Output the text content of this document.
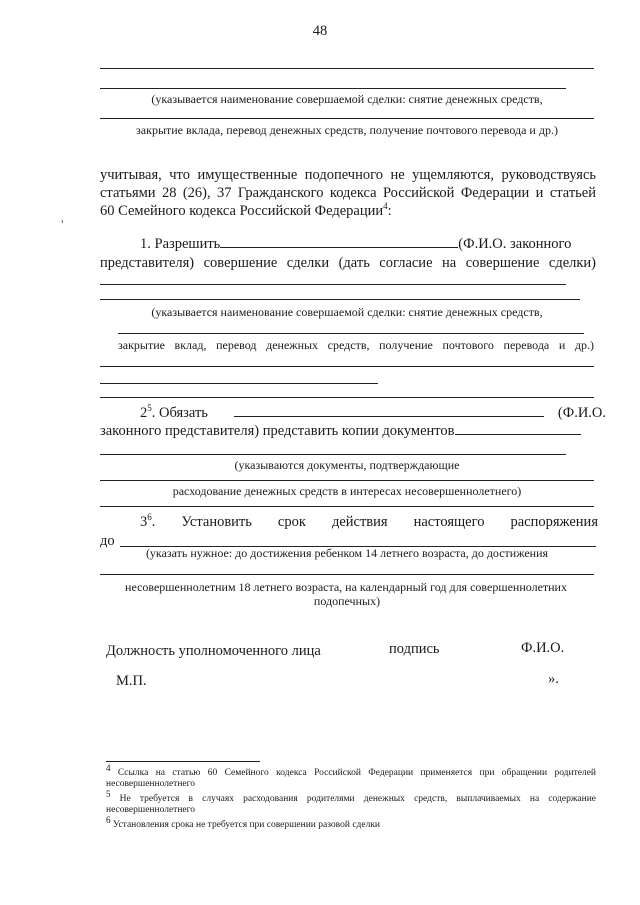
48
ʾ
(указывается наименование совершаемой сделки: снятие денежных средств,
закрытие вклада, перевод денежных средств, получение почтового перевода и др.)
учитывая, что имущественные подопечного не ущемляются, руководствуясь
статьями 28 (26), 37 Гражданского кодекса Российской Федерации и статьей
60 Семейного кодекса Российской Федерации$^4$:
1. Разрешить	(Ф.И.О. законного
представителя) совершение сделки (дать согласие на совершение сделки)
(указывается наименование совершаемой сделки: снятие денежных средств,
закрытие вклад, перевод денежных средств, получение почтового перевода и др.)
$2^5$. Обязать	(Ф.И.О.
законного представителя) представить копии документов
(указываются документы, подтверждающие
расходование денежных средств в интересах несовершеннолетнего)
$3^6$. Установить срок действия настоящего распоряжения
до
(указать нужное: до достижения ребенком 14 летнего возраста, до достижения
несовершеннолетним 18 летнего возраста, на календарный год для совершеннолетних
подопечных)
Должность уполномоченного лица	подпись	Ф.И.О.
М.П.	».
$^4$ Ссылка на статью 60 Семейного кодекса Российской Федерации применяется при обращении родителей
несовершеннолетнего
$^5$ Не требуется в случаях расходования родителями денежных средств, выплачиваемых на содержание
несовершеннолетнего
$^6$ Установления срока не требуется при совершении разовой сделки
